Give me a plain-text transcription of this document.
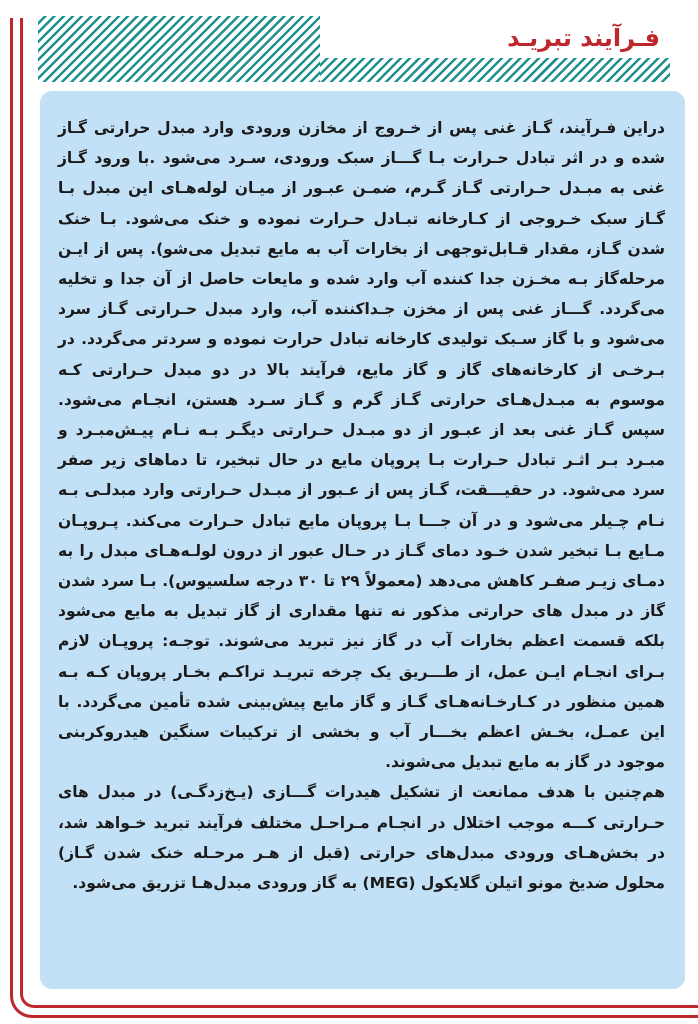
فـرآیند تبریـد

دراین فـرآیند، گـاز غنی پس از خـروج از مخازن ورودی وارد مبدل حرارتی گـاز شده و در اثر تبادل حـرارت بـا گـــاز سبک ورودی، سـرد می‌شود .با ورود گـاز غنی به مبـدل حـرارتی گـاز گـرم، ضمـن عبـور از میـان لوله‌هـای این مبدل بـا گـاز سبک خـروجی از کـارخانه تبـادل حـرارت نموده و خنک می‌شود. بـا خنک شدن گـاز، مقدار قـابل‌توجهی از بخارات آب به مایع تبدیل می‌شو). پس از ایـن مرحله‌گاز بـه مخـزن جدا کننده آب وارد شده و مایعات حاصل از آن جدا و تخلیه می‌گردد. گـــاز غنی پس از مخزن جـداکننده آب، وارد مبدل حـرارتی گـاز سرد می‌شود و با گاز سـبک تولیدی کارخانه تبادل حرارت نموده و سردتر می‌گردد. در بـرخـی از کارخانه‌های گاز و گاز مایع، فرآیند بالا در دو مبدل حـرارتی کـه موسوم به مبـدل‌هـای حرارتی گـاز گرم و گـاز سـرد هستن، انجـام می‌شود. سپس گـاز غنی بعد از عبـور از دو مبـدل حـرارتی دیگـر بـه نـام پیـش‌مبـرد و مبـرد بـر اثـر تبادل حـرارت بـا پروپان مایع در حال تبخیر، تا دماهای زیر صفر سرد می‌شود. در حقیـــقت، گـاز پس از عـبور از مبـدل حـرارتی وارد مبدلـی بـه نـام چـیلر می‌شود و در آن جـــا بـا پروپان مایع تبادل حـرارت می‌کند. پـروپـان مـایع بـا تبخیر شدن خـود دمای گـاز در حـال عبور از درون لولـه‌هـای مبدل را به دمـای زیـر صفـر کاهش می‌دهد (معمولاً ۲۹ تا ۳۰ درجه سلسیوس). بـا سرد شدن گاز در مبدل های حرارتی مذکور نه تنها مقداری از گاز تبدیل به مایع می‌شود بلکه قسمت اعظم بخارات آب در گاز نیز تبرید می‌شوند. توجـه: پروپـان لازم بـرای انجـام ایـن عمل، از طـــریق یک چرخه تبریـد تراکـم بخـار پروپان کـه بـه همین منظور در کـارخـانه‌هـای گـاز و گاز مایع پیش‌بینی شده تأمین می‌گردد. با این عمـل، بخـش اعظم بخـــار آب و بخشی از ترکیبات سنگین هیدروکربنی موجود در گاز به مایع تبدیل می‌شوند.

هم‌چنین با هدف ممانعت از تشکیل هیدرات گـــازی (یـخ‌زدگـی) در مبدل های حـرارتی کـــه موجب اختلال در انجـام مـراحـل مختلف فرآیند تبرید خـواهد شد، در بخش‌هـای ورودی مبدل‌های حرارتی (قبل از هـر مرحـله خنک شدن گـاز) محلول ضدیخ مونو اتیلن گلایکول (MEG) به گاز ورودی مبدل‌هـا تزریق می‌شود.
